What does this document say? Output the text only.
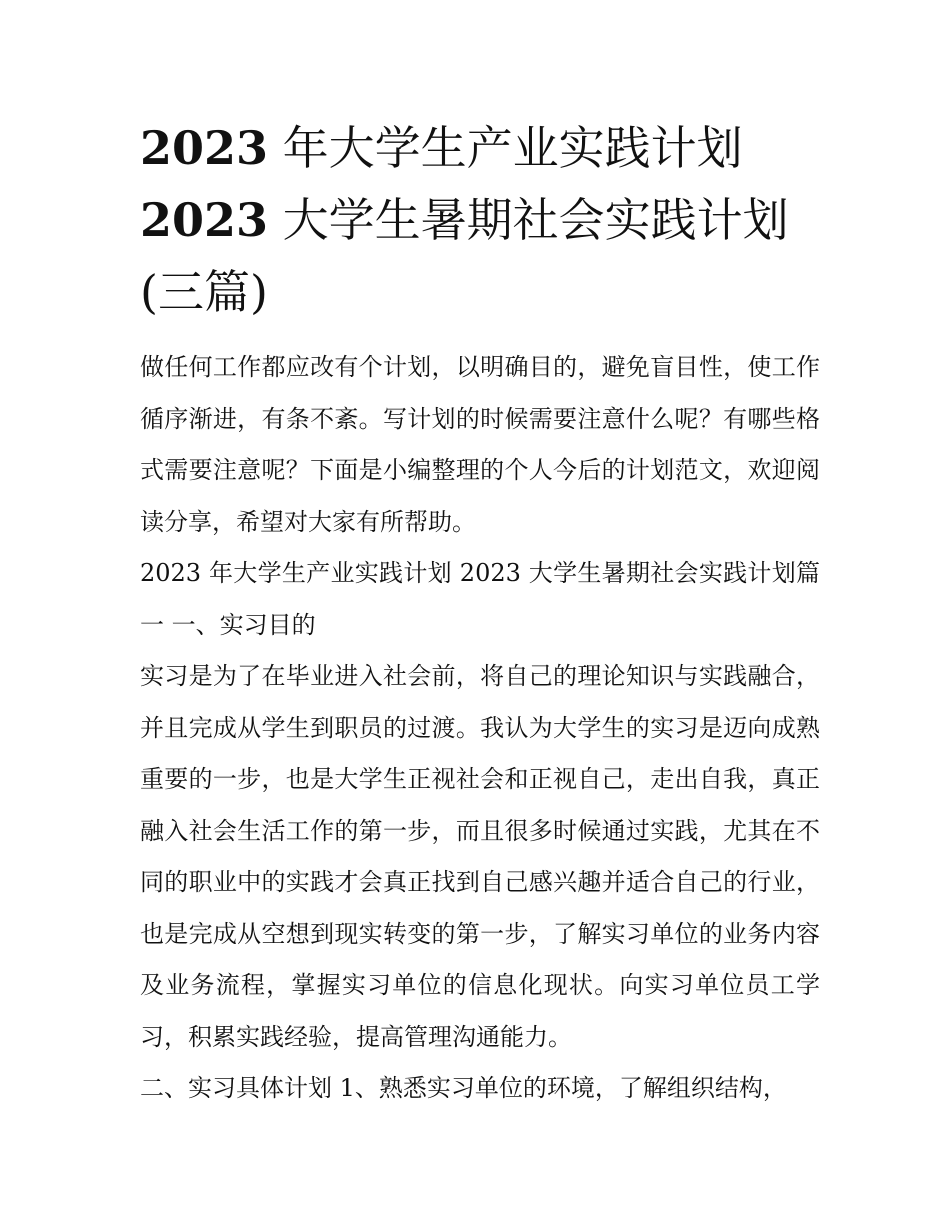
2023 年大学生产业实践计划
2023 大学生暑期社会实践计划
(三篇)

做任何工作都应改有个计划，以明确目的，避免盲目性，使工作循序渐进，有条不紊。写计划的时候需要注意什么呢？有哪些格式需要注意呢？下面是小编整理的个人今后的计划范文，欢迎阅读分享，希望对大家有所帮助。

2023 年大学生产业实践计划 2023 大学生暑期社会实践计划篇一 一、实习目的

实习是为了在毕业进入社会前，将自己的理论知识与实践融合，并且完成从学生到职员的过渡。我认为大学生的实习是迈向成熟重要的一步，也是大学生正视社会和正视自己，走出自我，真正融入社会生活工作的第一步，而且很多时候通过实践，尤其在不同的职业中的实践才会真正找到自己感兴趣并适合自己的行业，也是完成从空想到现实转变的第一步，了解实习单位的业务内容及业务流程，掌握实习单位的信息化现状。向实习单位员工学习，积累实践经验，提高管理沟通能力。

二、实习具体计划 1、熟悉实习单位的环境，了解组织结构，
